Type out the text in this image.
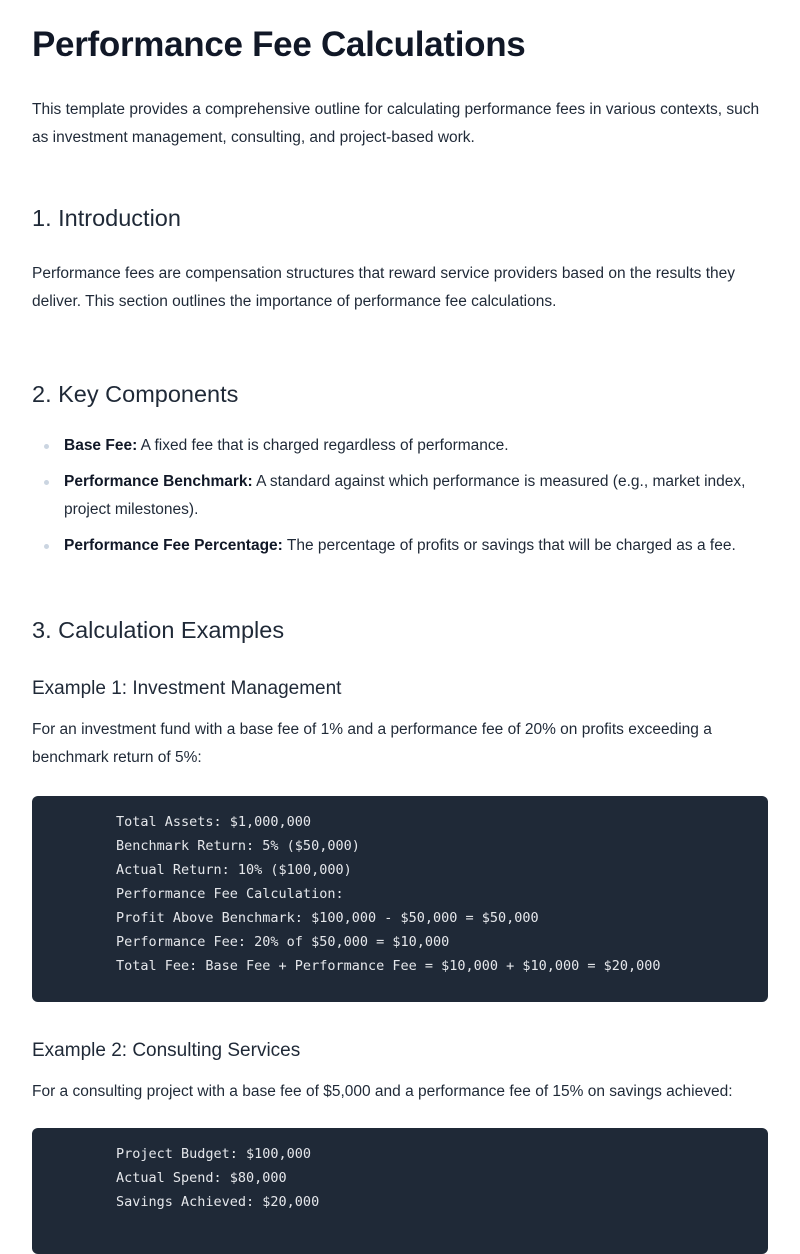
Performance Fee Calculations

This template provides a comprehensive outline for calculating performance fees in various contexts, such as investment management, consulting, and project-based work.

1. Introduction

Performance fees are compensation structures that reward service providers based on the results they deliver. This section outlines the importance of performance fee calculations.

2. Key Components
Base Fee: A fixed fee that is charged regardless of performance.
Performance Benchmark: A standard against which performance is measured (e.g., market index, project milestones).
Performance Fee Percentage: The percentage of profits or savings that will be charged as a fee.
3. Calculation Examples
Example 1: Investment Management

For an investment fund with a base fee of 1% and a performance fee of 20% on profits exceeding a benchmark return of 5%:

Total Assets: $1,000,000
Benchmark Return: 5% ($50,000)
Actual Return: 10% ($100,000)
Performance Fee Calculation:
Profit Above Benchmark: $100,000 - $50,000 = $50,000
Performance Fee: 20% of $50,000 = $10,000
Total Fee: Base Fee + Performance Fee = $10,000 + $10,000 = $20,000
Example 2: Consulting Services

For a consulting project with a base fee of $5,000 and a performance fee of 15% on savings achieved:

Project Budget: $100,000
Actual Spend: $80,000
Savings Achieved: $20,000
